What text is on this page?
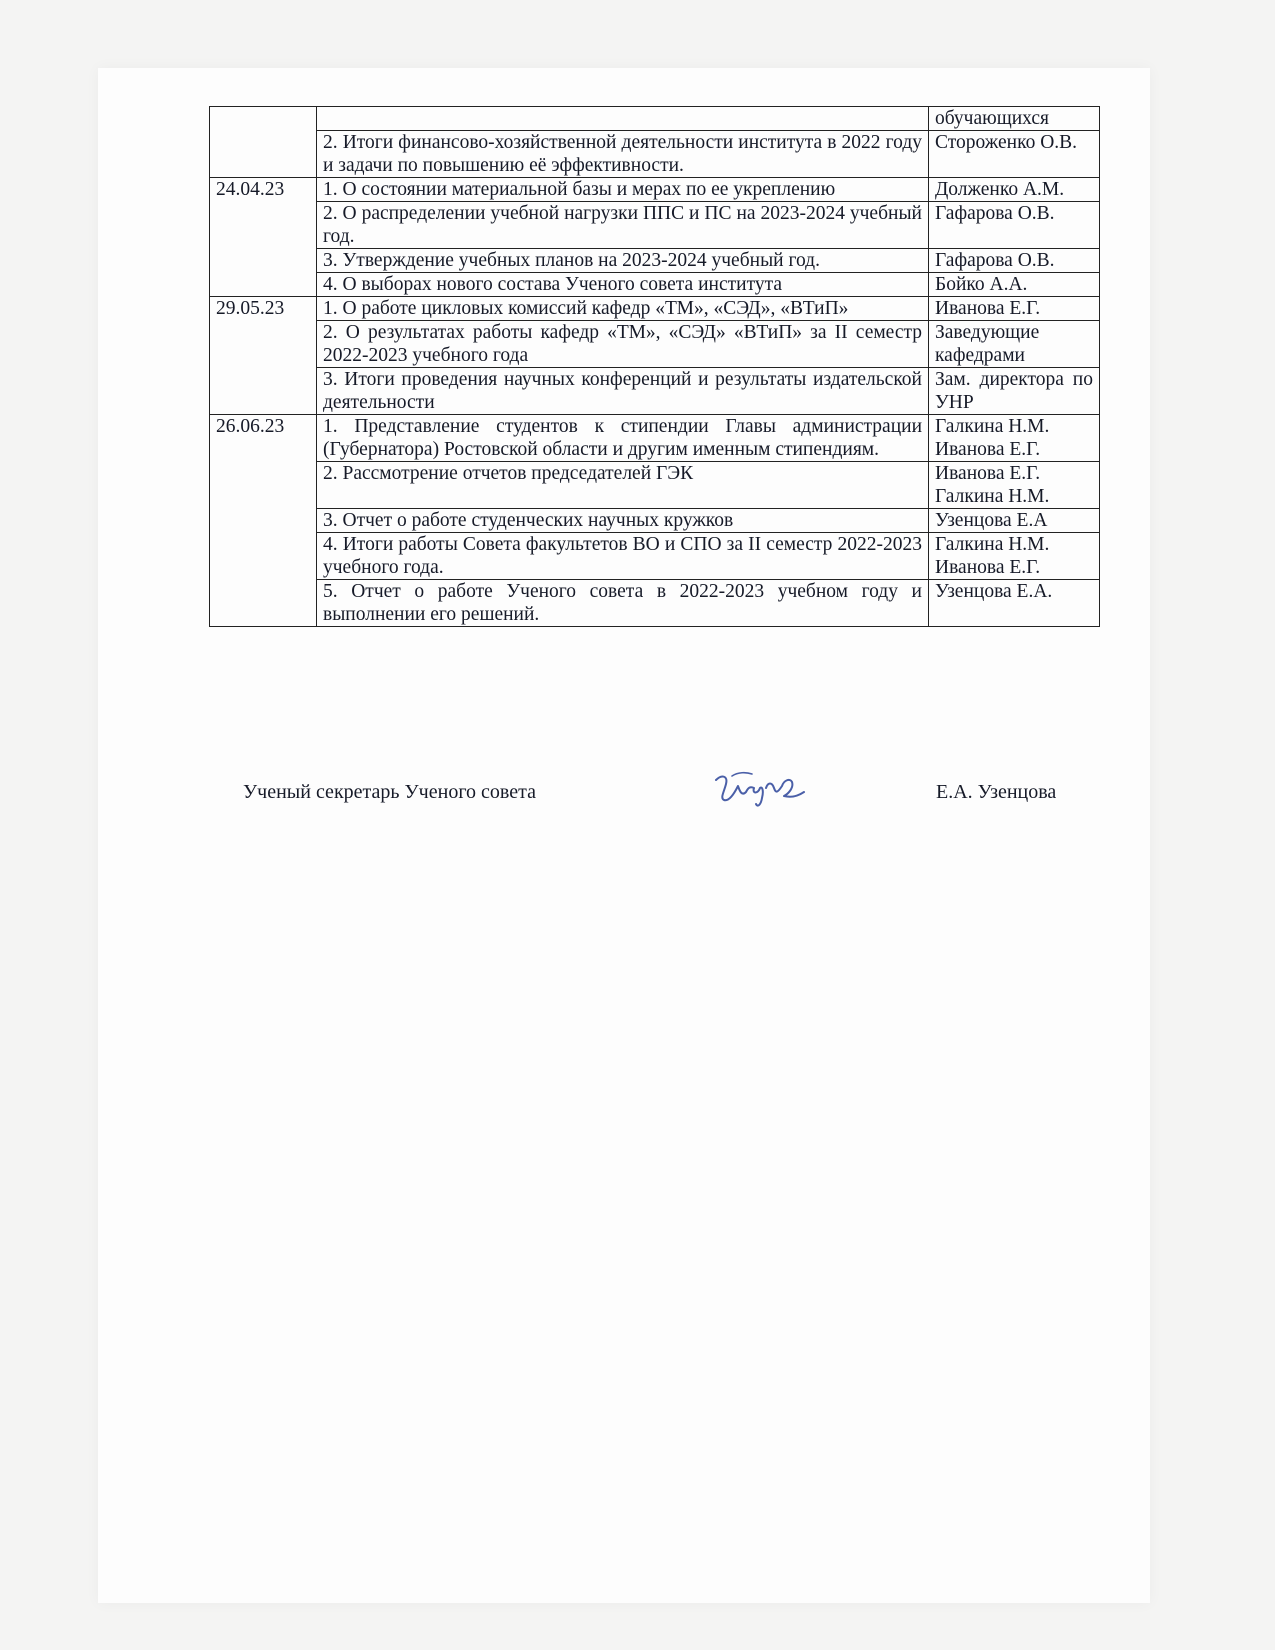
		обучающихся
	2. Итоги финансово-хозяйственной деятельности института в 2022 году и задачи по повышению её эффективности.	Стороженко О.В.
24.04.23	1. О состоянии материальной базы и мерах по ее укреплению	Долженко А.М.
	2. О распределении учебной нагрузки ППС и ПС на 2023-2024 учебный год.	Гафарова О.В.
	3. Утверждение учебных планов на 2023-2024 учебный год.	Гафарова О.В.
	4. О выборах нового состава Ученого совета института	Бойко А.А.
29.05.23	1. О работе цикловых комиссий кафедр «ТМ», «СЭД», «ВТиП»	Иванова Е.Г.
	2. О результатах работы кафедр «ТМ», «СЭД» «ВТиП» за II семестр 2022-2023 учебного года	Заведующие кафедрами
	3. Итоги проведения научных конференций и результаты издательской деятельности	Зам. директора по УНР
26.06.23	1. Представление студентов к стипендии Главы администрации (Губернатора) Ростовской области и другим именным стипендиям.	Галкина Н.М.
Иванова Е.Г.
	2. Рассмотрение отчетов председателей ГЭК	Иванова Е.Г.
Галкина Н.М.
	3. Отчет о работе студенческих научных кружков	Узенцова Е.А
	4. Итоги работы Совета факультетов ВО и СПО за II семестр 2022-2023 учебного года.	Галкина Н.М.
Иванова Е.Г.
	5. Отчет о работе Ученого совета в 2022-2023 учебном году и выполнении его решений.	Узенцова Е.А.
Ученый секретарь Ученого совета	Е.А. Узенцова
